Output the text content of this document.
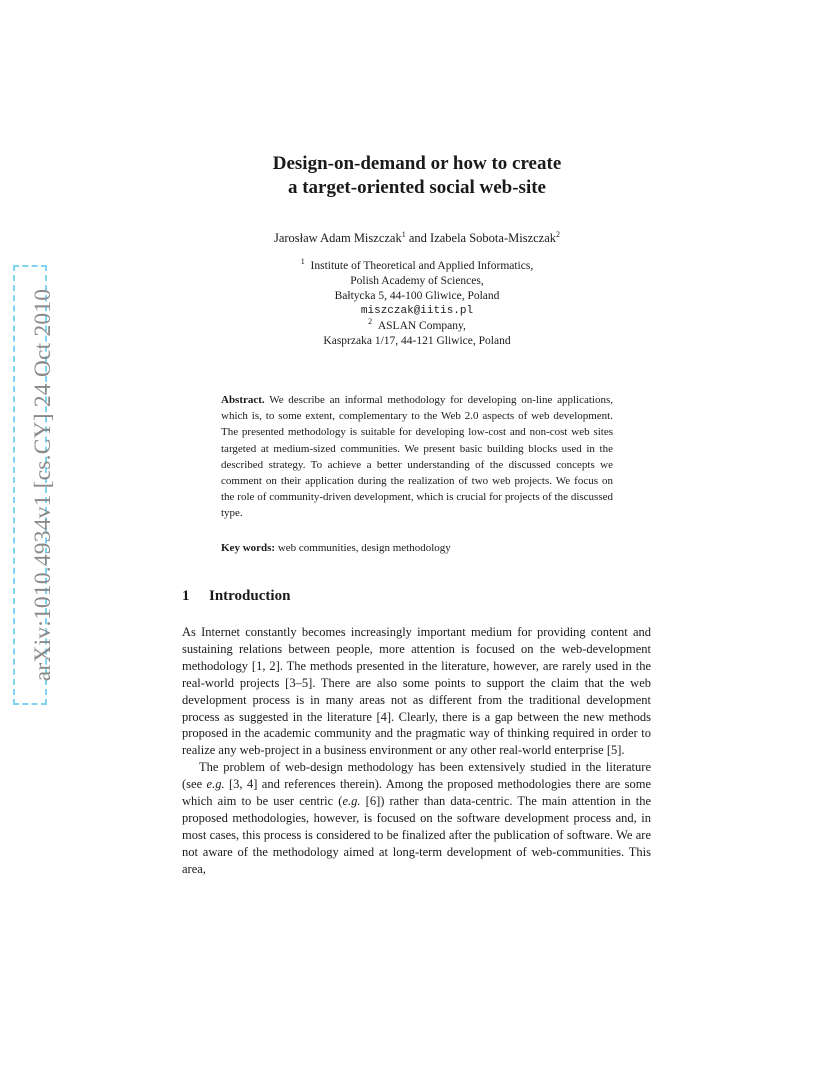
arXiv:1010.4934v1 [cs.CY] 24 Oct 2010
Design-on-demand or how to create
a target-oriented social web-site
Jarosław Adam Miszczak$^1$ and Izabela Sobota-Miszczak$^2$
$^1$ Institute of Theoretical and Applied Informatics,
Polish Academy of Sciences,
Bałtycka 5, 44-100 Gliwice, Poland
miszczak@iitis.pl
$^2$ ASLAN Company,
Kasprzaka 1/17, 44-121 Gliwice, Poland
Abstract. We describe an informal methodology for developing on-line applications, which is, to some extent, complementary to the Web 2.0 aspects of web development. The presented methodology is suitable for developing low-cost and non-cost web sites targeted at medium-sized communities. We present basic building blocks used in the described strategy. To achieve a better understanding of the discussed concepts we comment on their application during the realization of two web projects. We focus on the role of community-driven development, which is crucial for projects of the discussed type.
Key words: web communities, design methodology
1 Introduction

As Internet constantly becomes increasingly important medium for providing content and sustaining relations between people, more attention is focused on the web-development methodology [1, 2]. The methods presented in the literature, however, are rarely used in the real-world projects [3–5]. There are also some points to support the claim that the web development process is in many areas not as different from the traditional development process as suggested in the literature [4]. Clearly, there is a gap between the new methods proposed in the academic community and the pragmatic way of thinking required in order to realize any web-project in a business environment or any other real-world enterprise [5].

The problem of web-design methodology has been extensively studied in the literature (see e.g. [3, 4] and references therein). Among the proposed methodologies there are some which aim to be user centric (e.g. [6]) rather than data-centric. The main attention in the proposed methodologies, however, is focused on the software development process and, in most cases, this process is considered to be finalized after the publication of software. We are not aware of the methodology aimed at long-term development of web-communities. This area,
